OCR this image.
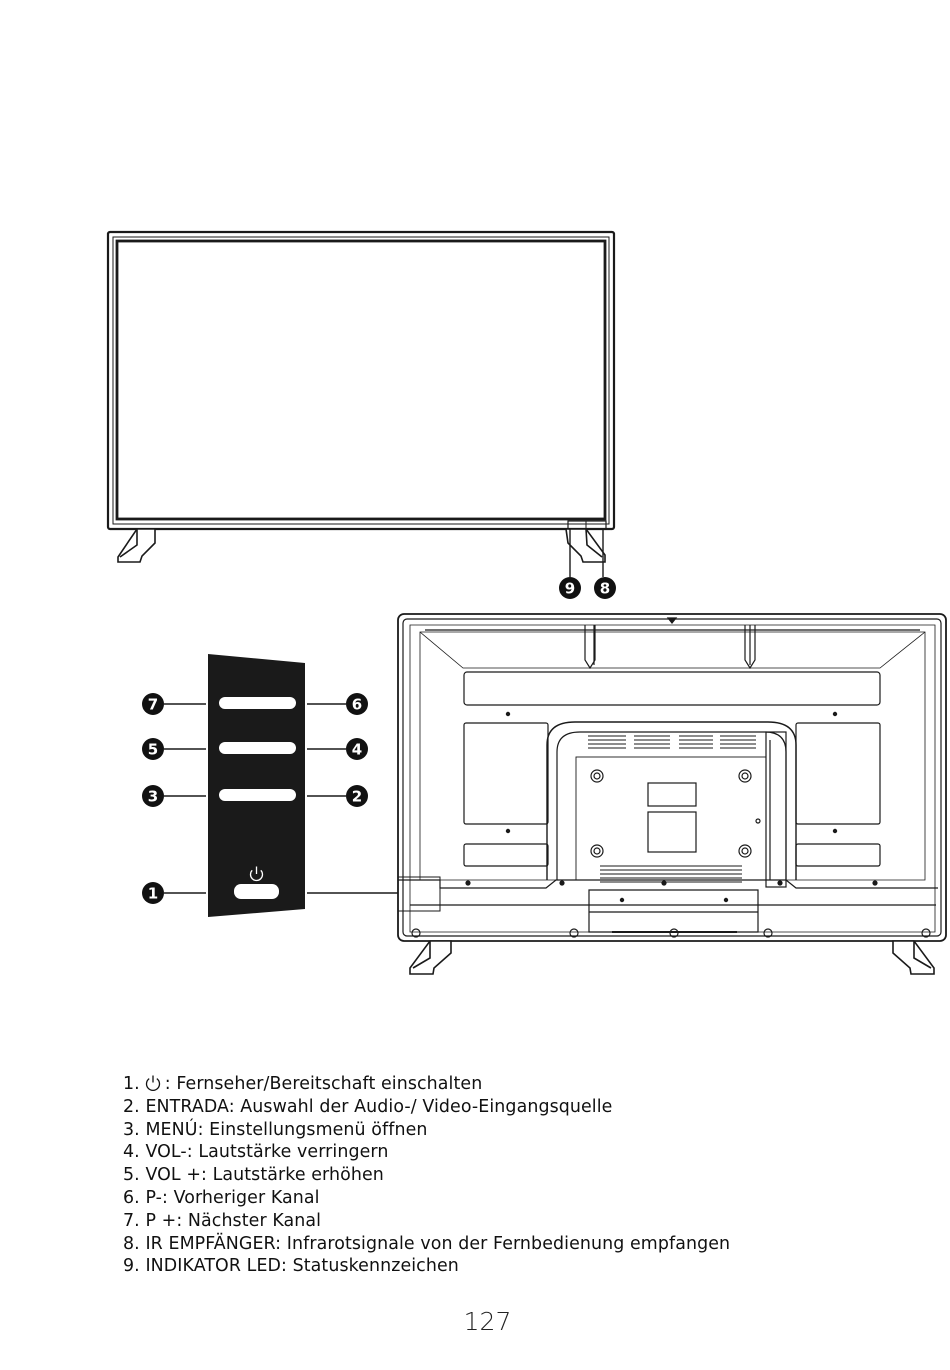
9 8
7	6
5	4
3	2
1
1. : Fernseher/Bereitschaft einschalten
2. ENTRADA: Auswahl der Audio-/ Video-Eingangsquelle
3. MENÚ: Einstellungsmenü öffnen
4. VOL-: Lautstärke verringern
5. VOL +: Lautstärke erhöhen
6. P-: Vorheriger Kanal
7. P +: Nächster Kanal
8. IR EMPFÄNGER: Infrarotsignale von der Fernbedienung empfangen
9. INDIKATOR LED: Statuskennzeichen
127
